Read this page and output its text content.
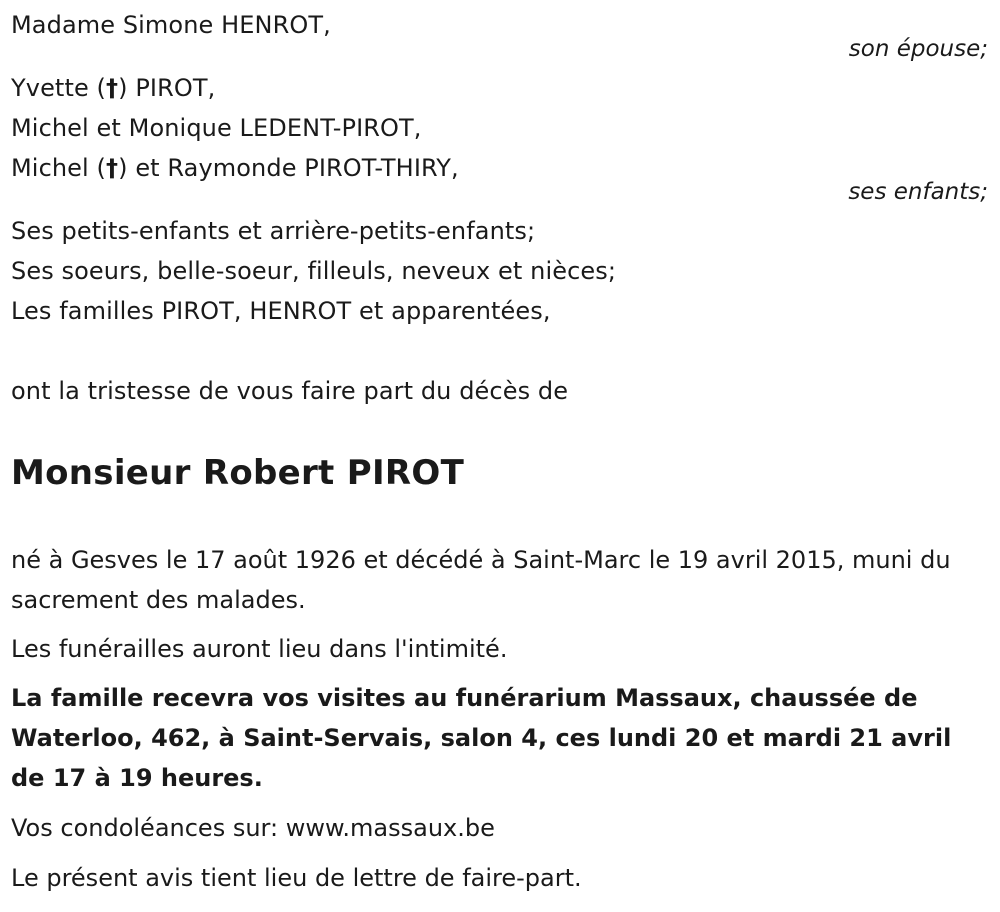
Madame Simone HENROT,
son épouse;
Yvette (†) PIROT,
Michel et Monique LEDENT-PIROT,
Michel (†) et Raymonde PIROT-THIRY,
ses enfants;
Ses petits-enfants et arrière-petits-enfants;
Ses soeurs, belle-soeur, filleuls, neveux et nièces;
Les familles PIROT, HENROT et apparentées,
ont la tristesse de vous faire part du décès de
Monsieur Robert PIROT
né à Gesves le 17 août 1926 et décédé à Saint-Marc le 19 avril 2015, muni du sacrement des malades.
Les funérailles auront lieu dans l'intimité.
La famille recevra vos visites au funérarium Massaux, chaussée de Waterloo, 462, à Saint-Servais, salon 4, ces lundi 20 et mardi 21 avril de 17 à 19 heures.
Vos condoléances sur: www.massaux.be
Le présent avis tient lieu de lettre de faire-part.
